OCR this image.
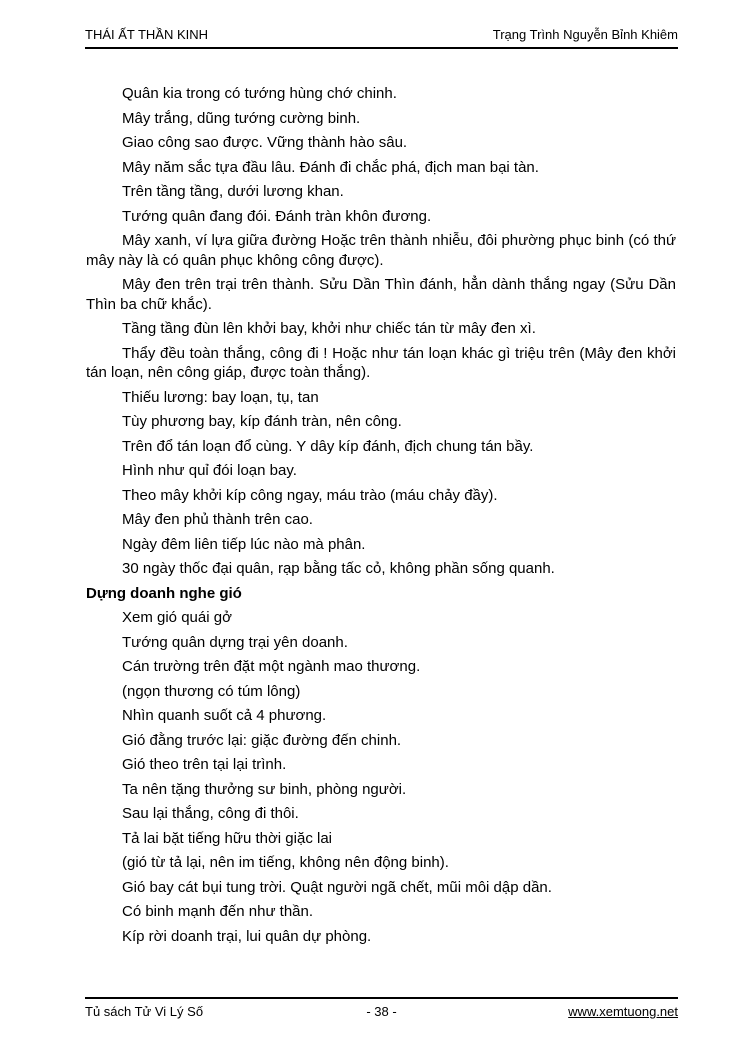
THÁI ẤT THẦN KINH	Trạng Trình Nguyễn Bỉnh Khiêm

Quân kia trong có tướng hùng chớ chinh.

Mây trắng, dũng tướng cường binh.

Giao công sao được. Vững thành hào sâu.

Mây năm sắc tựa đầu lâu. Đánh đi chắc phá, địch man bại tàn.

Trên tầng tầng, dưới lương khan.

Tướng quân đang đói. Đánh tràn khôn đương.

Mây xanh, ví lựa giữa đường Hoặc trên thành nhiễu, đôi phường phục binh (có thứ mây này là có quân phục không công được).

Mây đen trên trại trên thành. Sửu Dần Thìn đánh, hẳn dành thắng ngay (Sửu Dần Thìn ba chữ khắc).

Tầng tầng đùn lên khởi bay, khởi như chiếc tán từ mây đen xì.

Thẩy đều toàn thắng, công đi ! Hoặc như tán loạn khác gì triệu trên (Mây đen khởi tán loạn, nên công giáp, được toàn thắng).

Thiếu lương: bay loạn, tụ, tan

Tùy phương bay, kíp đánh tràn, nên công.

Trên đổ tán loạn đổ cùng. Y dây kíp đánh, địch chung tán bầy.

Hình như quỉ đói loạn bay.

Theo mây khởi kíp công ngay, máu trào (máu chảy đầy).

Mây đen phủ thành trên cao.

Ngày đêm liên tiếp lúc nào mà phân.

30 ngày thốc đại quân, rạp bằng tấc cỏ, không phần sống quanh.

Dựng doanh nghe gió

Xem gió quái gở

Tướng quân dựng trại yên doanh.

Cán trường trên đặt một ngành mao thương.

(ngọn thương có túm lông)

Nhìn quanh suốt cả 4 phương.

Gió đằng trước lại: giặc đường đến chinh.

Gió theo trên tại lại trình.

Ta nên tặng thưởng sư binh, phòng người.

Sau lại thắng, công đi thôi.

Tả lai bặt tiếng hữu thời giặc lai

(gió từ tả lại, nên im tiếng, không nên động binh).

Gió bay cát bụi tung trời. Quật người ngã chết, mũi môi dập dần.

Có binh mạnh đến như thần.

Kíp rời doanh trại, lui quân dự phòng.

Tủ sách Tử Vi Lý Số	- 38 -	www.xemtuong.net
